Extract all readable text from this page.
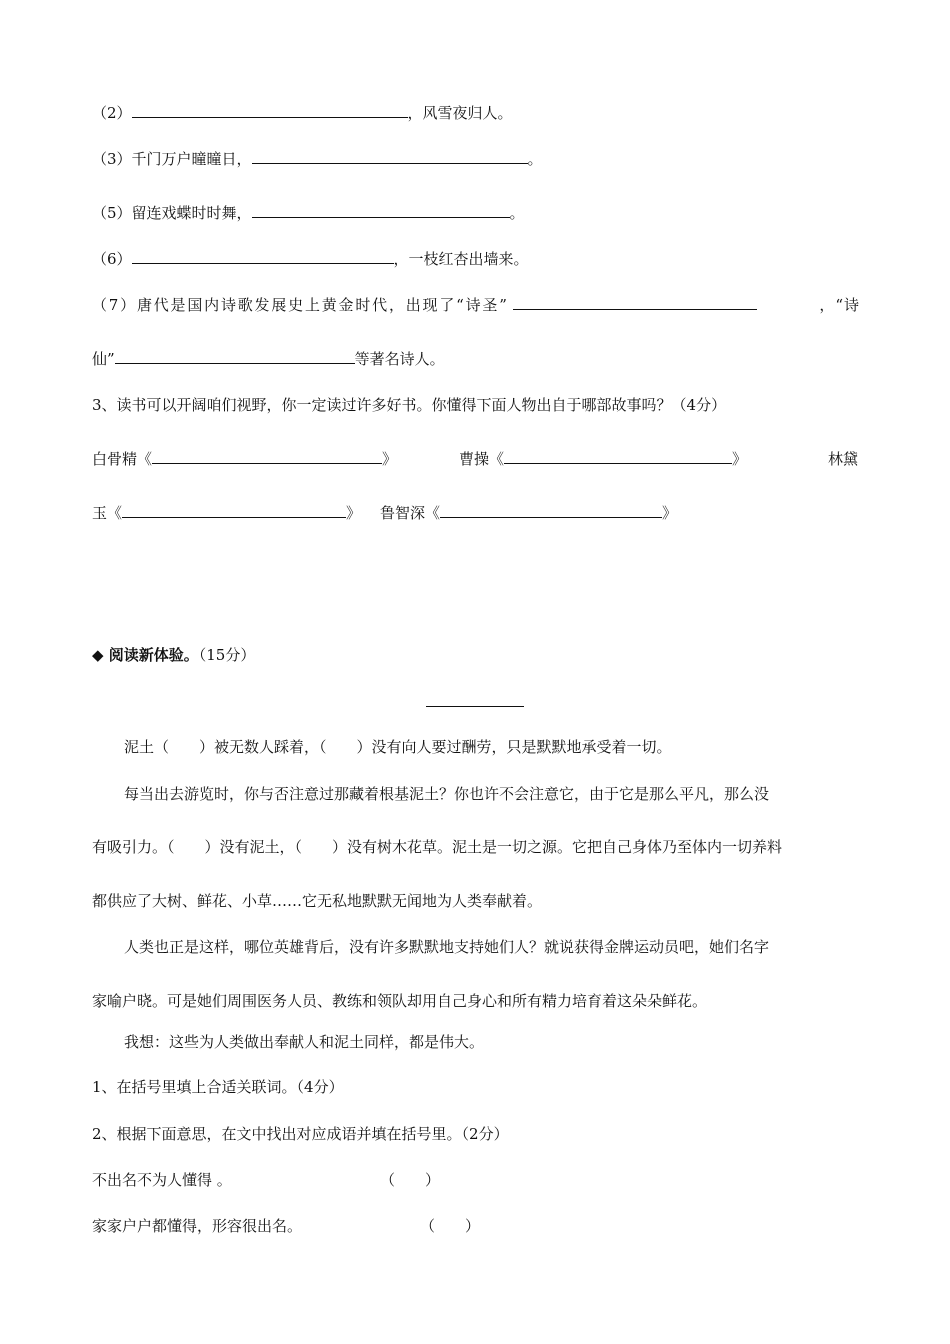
（2）	，风雪夜归人。
（3）千门万户曈曈日，	。
（5）留连戏蝶时时舞，	。
（6）	，一枝红杏出墙来。
（7）唐代是国内诗歌发展史上黄金时代，出现了“诗圣”	，“诗
仙”	等著名诗人。
3、读书可以开阔咱们视野，你一定读过许多好书。你懂得下面人物出自于哪部故事吗？（4分）
白骨精《	》	曹操《	》	林黛
玉《	》 鲁智深《	》
◆ 阅读新体验。（15分）
泥土（　　）被无数人踩着，（　　）没有向人要过酬劳，只是默默地承受着一切。
每当出去游览时，你与否注意过那藏着根基泥土？你也许不会注意它，由于它是那么平凡，那么没
有吸引力。（　　）没有泥土，（　　）没有树木花草。泥土是一切之源。它把自己身体乃至体内一切养料
都供应了大树、鲜花、小草……它无私地默默无闻地为人类奉献着。
人类也正是这样，哪位英雄背后，没有许多默默地支持她们人？就说获得金牌运动员吧，她们名字
家喻户晓。可是她们周围医务人员、教练和领队却用自己身心和所有精力培育着这朵朵鲜花。
我想：这些为人类做出奉献人和泥土同样，都是伟大。
1、在括号里填上合适关联词。（4分）
2、根据下面意思，在文中找出对应成语并填在括号里。（2分）
不出名不为人懂得 。	（　　）
家家户户都懂得，形容很出名。	（　　）
